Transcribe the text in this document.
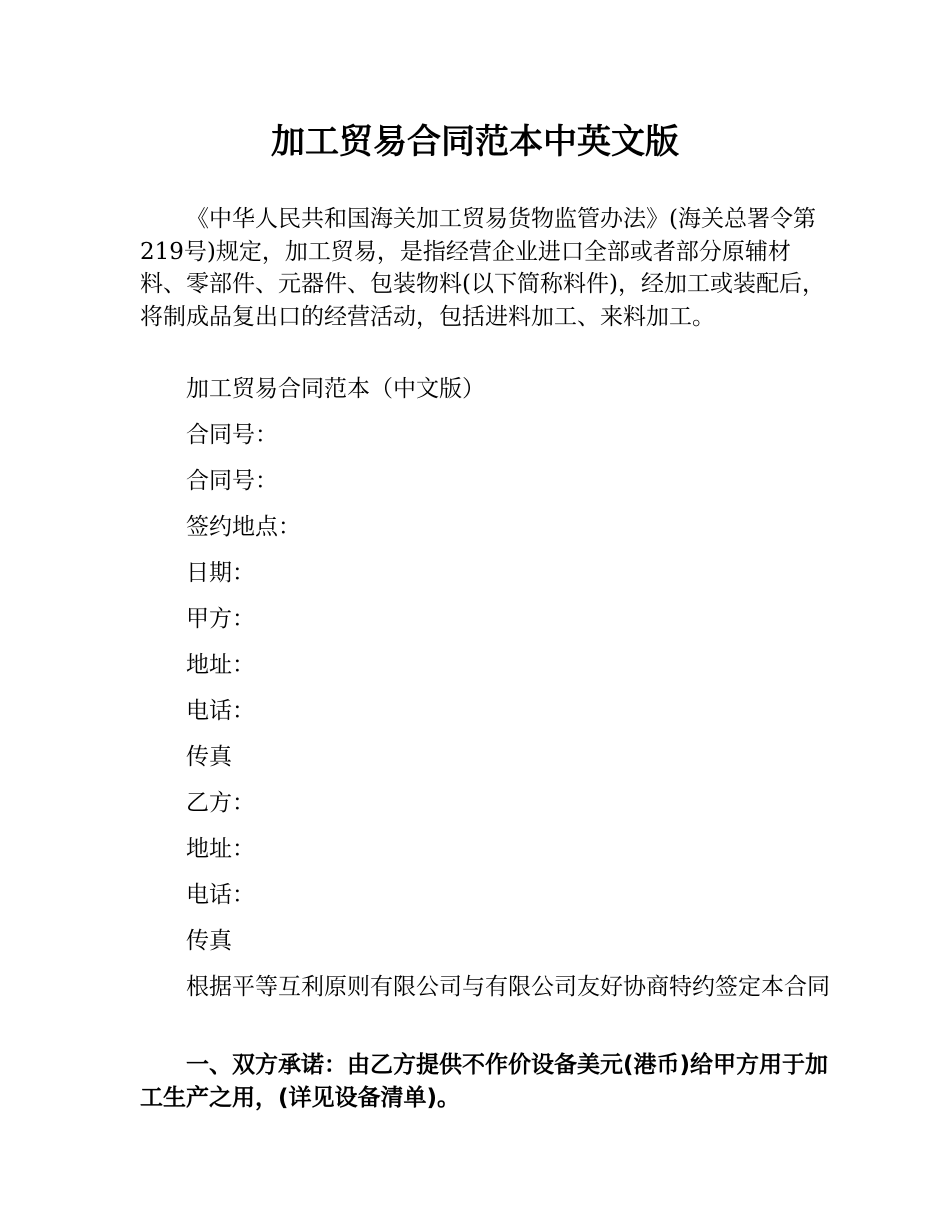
加工贸易合同范本中英文版

《中华人民共和国海关加工贸易货物监管办法》(海关总署令第219号)规定，加工贸易，是指经营企业进口全部或者部分原辅材料、零部件、元器件、包装物料(以下简称料件)，经加工或装配后，将制成品复出口的经营活动，包括进料加工、来料加工。

加工贸易合同范本（中文版）

合同号：

合同号：

签约地点：

日期：

甲方：

地址：

电话：

传真

乙方：

地址：

电话：

传真

根据平等互利原则有限公司与有限公司友好协商特约签定本合同

一、双方承诺：由乙方提供不作价设备美元(港币)给甲方用于加工生产之用，(详见设备清单)。
